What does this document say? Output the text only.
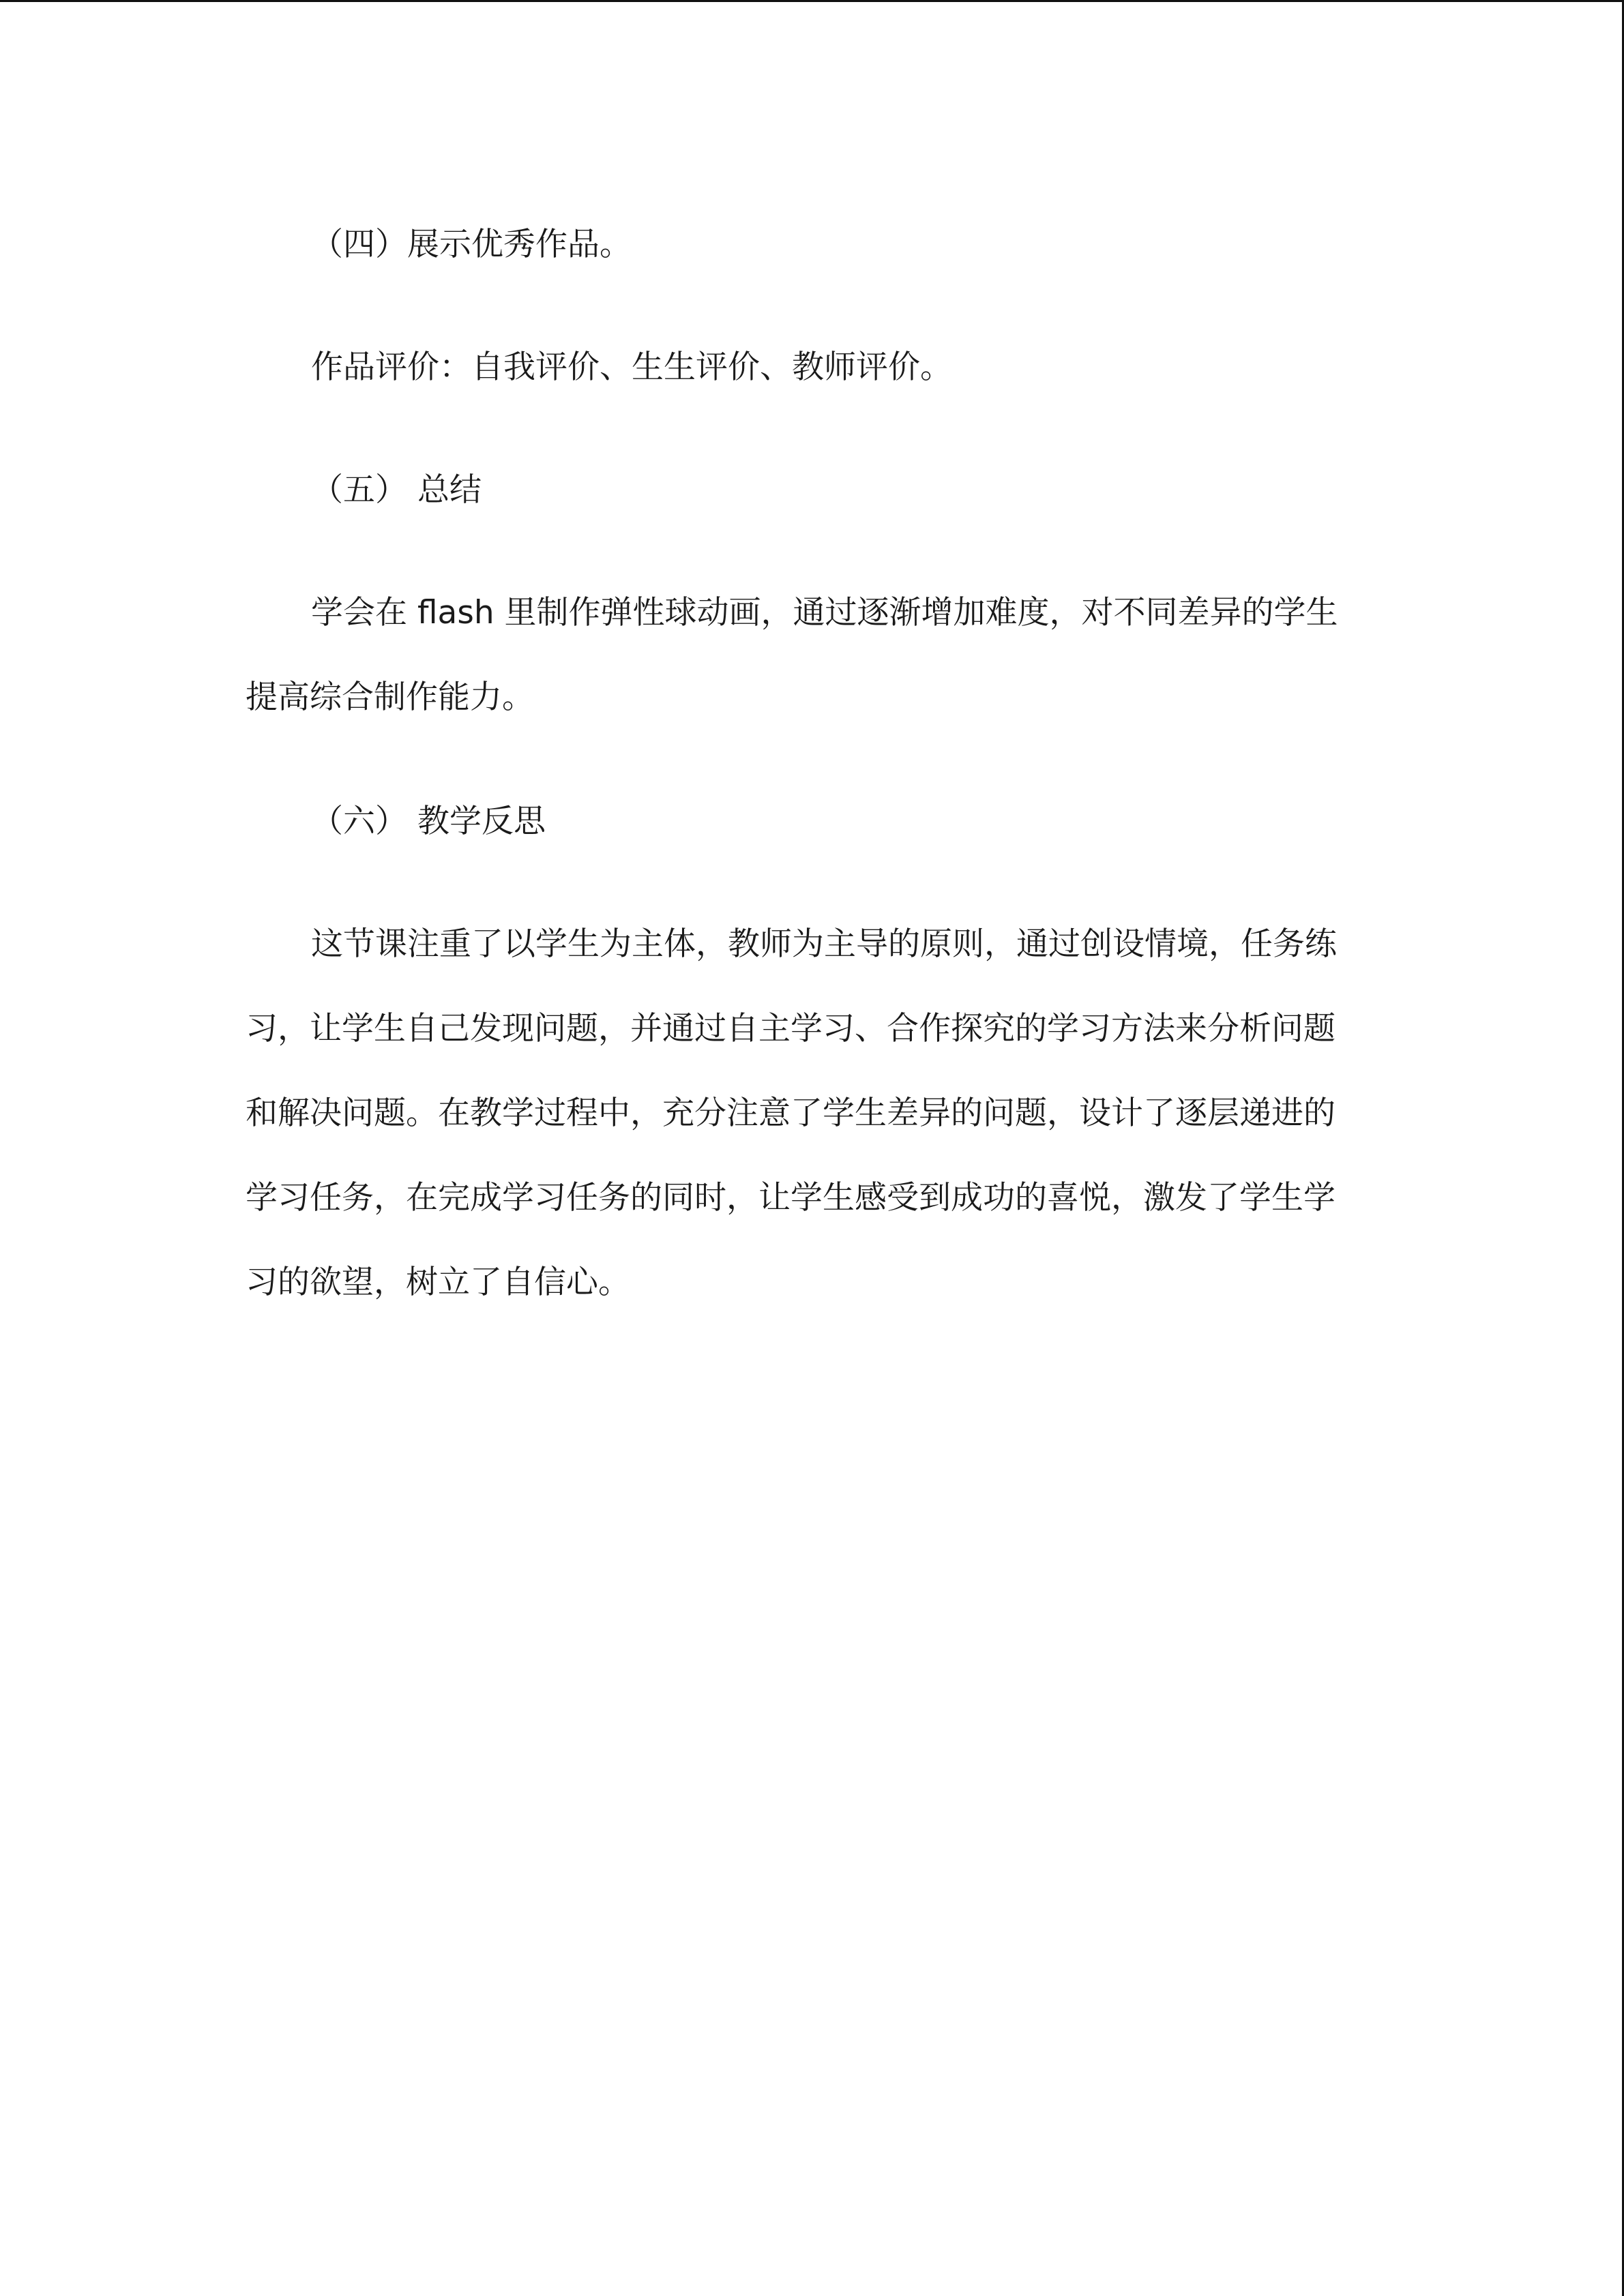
（四）展示优秀作品。

作品评价：自我评价、生生评价、教师评价。

（五） 总结

学会在 flash 里制作弹性球动画，通过逐渐增加难度，对不同差异的学生提高综合制作能力。

（六） 教学反思

这节课注重了以学生为主体，教师为主导的原则，通过创设情境，任务练习，让学生自己发现问题，并通过自主学习、合作探究的学习方法来分析问题和解决问题。在教学过程中，充分注意了学生差异的问题，设计了逐层递进的学习任务，在完成学习任务的同时，让学生感受到成功的喜悦，激发了学生学习的欲望，树立了自信心。
